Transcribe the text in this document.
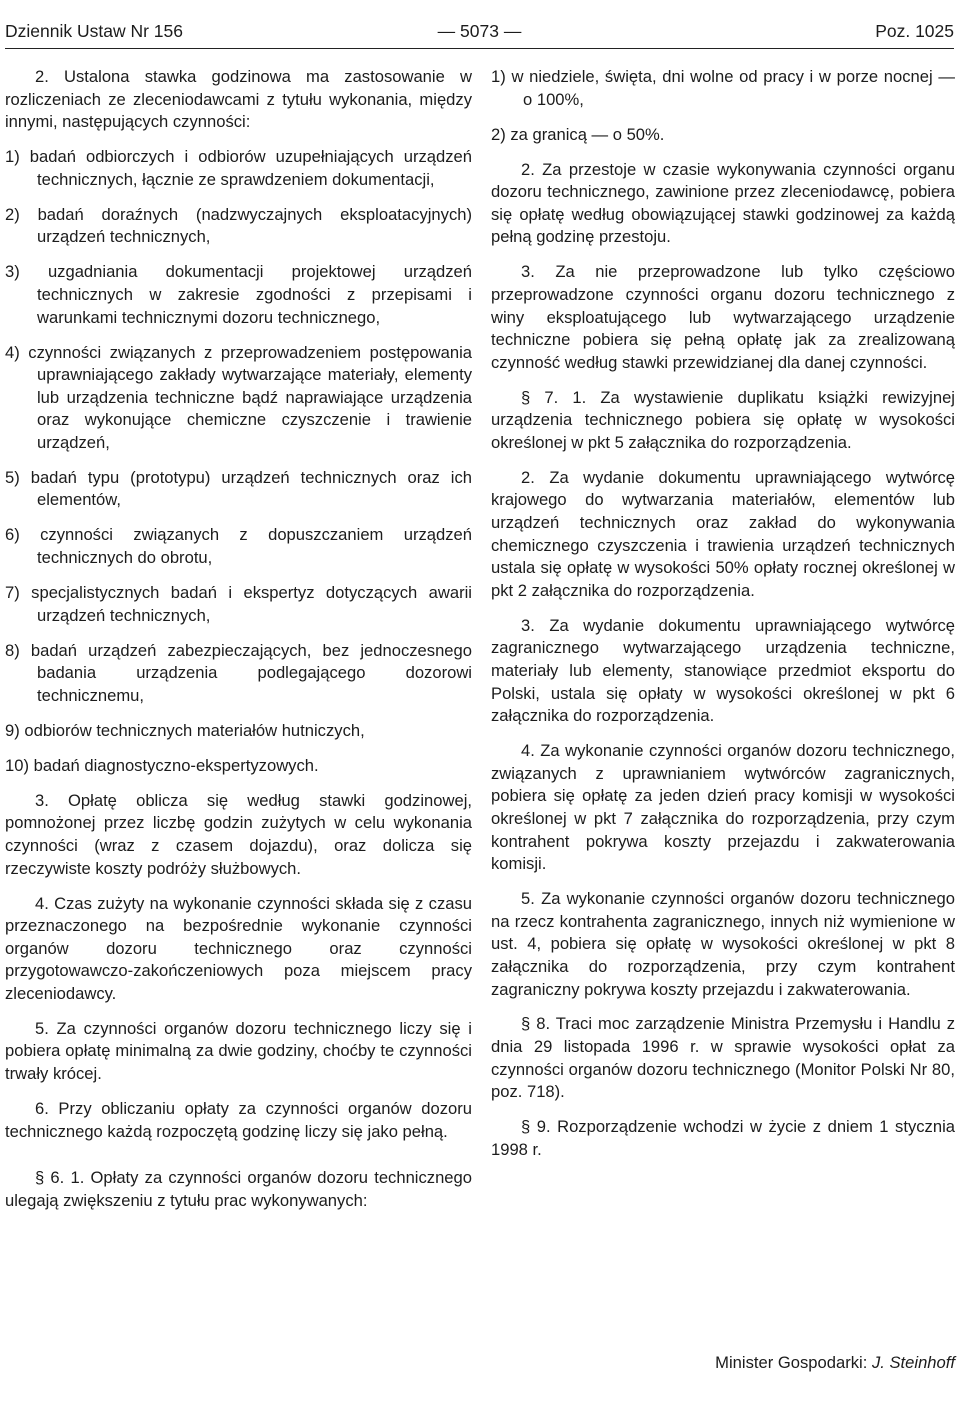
Dziennik Ustaw Nr 156	— 5073 —	Poz. 1025

2. Ustalona stawka godzinowa ma zastosowanie w rozliczeniach ze zleceniodawcami z tytułu wykonania, między innymi, następujących czynności:

1) badań odbiorczych i odbiorów uzupełniających urządzeń technicznych, łącznie ze sprawdzeniem dokumentacji,

2) badań doraźnych (nadzwyczajnych eksploatacyjnych) urządzeń technicznych,

3) uzgadniania dokumentacji projektowej urządzeń technicznych w zakresie zgodności z przepisami i warunkami technicznymi dozoru technicznego,

4) czynności związanych z przeprowadzeniem postępowania uprawniającego zakłady wytwarzające materiały, elementy lub urządzenia techniczne bądź naprawiające urządzenia oraz wykonujące chemiczne czyszczenie i trawienie urządzeń,

5) badań typu (prototypu) urządzeń technicznych oraz ich elementów,

6) czynności związanych z dopuszczaniem urządzeń technicznych do obrotu,

7) specjalistycznych badań i ekspertyz dotyczących awarii urządzeń technicznych,

8) badań urządzeń zabezpieczających, bez jednoczesnego badania urządzenia podlegającego dozorowi technicznemu,

9) odbiorów technicznych materiałów hutniczych,

10) badań diagnostyczno-ekspertyzowych.

3. Opłatę oblicza się według stawki godzinowej, pomnożonej przez liczbę godzin zużytych w celu wykonania czynności (wraz z czasem dojazdu), oraz dolicza się rzeczywiste koszty podróży służbowych.

4. Czas zużyty na wykonanie czynności składa się z czasu przeznaczonego na bezpośrednie wykonanie czynności organów dozoru technicznego oraz czynności przygotowawczo-zakończeniowych poza miejscem pracy zleceniodawcy.

5. Za czynności organów dozoru technicznego liczy się i pobiera opłatę minimalną za dwie godziny, choćby te czynności trwały krócej.

6. Przy obliczaniu opłaty za czynności organów dozoru technicznego każdą rozpoczętą godzinę liczy się jako pełną.

§ 6. 1. Opłaty za czynności organów dozoru technicznego ulegają zwiększeniu z tytułu prac wykonywanych:

1) w niedziele, święta, dni wolne od pracy i w porze nocnej — o 100%,

2) za granicą — o 50%.

2. Za przestoje w czasie wykonywania czynności organu dozoru technicznego, zawinione przez zleceniodawcę, pobiera się opłatę według obowiązującej stawki godzinowej za każdą pełną godzinę przestoju.

3. Za nie przeprowadzone lub tylko częściowo przeprowadzone czynności organu dozoru technicznego z winy eksploatującego lub wytwarzającego urządzenie techniczne pobiera się pełną opłatę jak za zrealizowaną czynność według stawki przewidzianej dla danej czynności.

§ 7. 1. Za wystawienie duplikatu książki rewizyjnej urządzenia technicznego pobiera się opłatę w wysokości określonej w pkt 5 załącznika do rozporządzenia.

2. Za wydanie dokumentu uprawniającego wytwórcę krajowego do wytwarzania materiałów, elementów lub urządzeń technicznych oraz zakład do wykonywania chemicznego czyszczenia i trawienia urządzeń technicznych ustala się opłatę w wysokości 50% opłaty rocznej określonej w pkt 2 załącznika do rozporządzenia.

3. Za wydanie dokumentu uprawniającego wytwórcę zagranicznego wytwarzającego urządzenia techniczne, materiały lub elementy, stanowiące przedmiot eksportu do Polski, ustala się opłaty w wysokości określonej w pkt 6 załącznika do rozporządzenia.

4. Za wykonanie czynności organów dozoru technicznego, związanych z uprawnianiem wytwórców zagranicznych, pobiera się opłatę za jeden dzień pracy komisji w wysokości określonej w pkt 7 załącznika do rozporządzenia, przy czym kontrahent pokrywa koszty przejazdu i zakwaterowania komisji.

5. Za wykonanie czynności organów dozoru technicznego na rzecz kontrahenta zagranicznego, innych niż wymienione w ust. 4, pobiera się opłatę w wysokości określonej w pkt 8 załącznika do rozporządzenia, przy czym kontrahent zagraniczny pokrywa koszty przejazdu i zakwaterowania.

§ 8. Traci moc zarządzenie Ministra Przemysłu i Handlu z dnia 29 listopada 1996 r. w sprawie wysokości opłat za czynności organów dozoru technicznego (Monitor Polski Nr 80, poz. 718).

§ 9. Rozporządzenie wchodzi w życie z dniem 1 stycznia 1998 r.

Minister Gospodarki: J. Steinhoff
